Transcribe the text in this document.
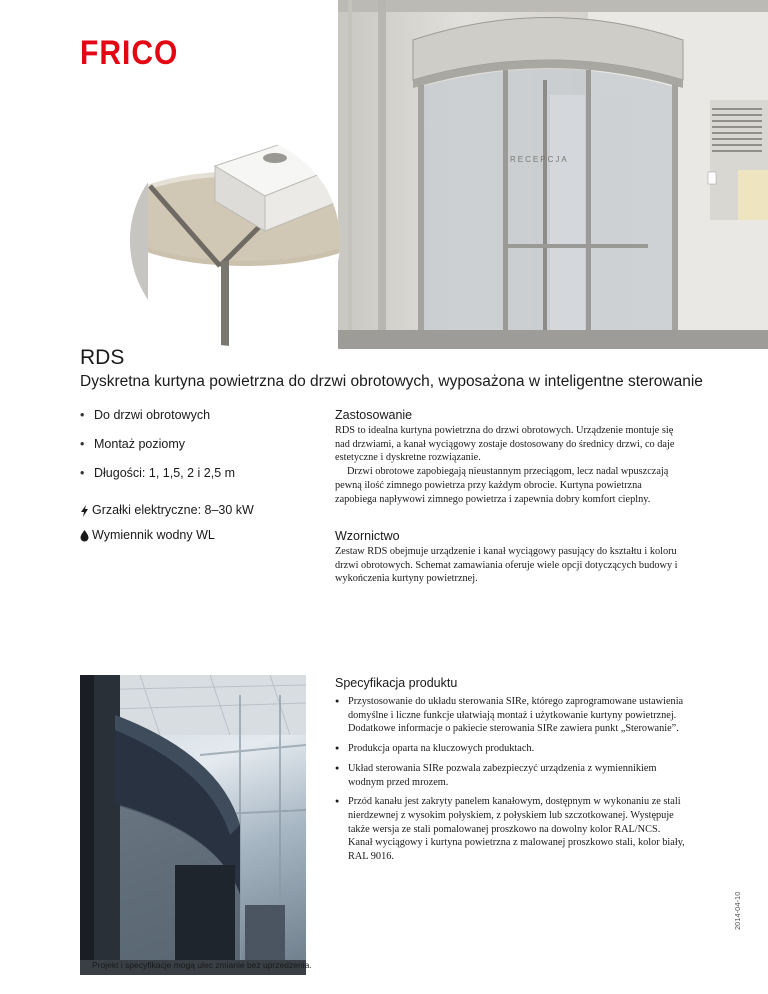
RECEPCJA
FRICO
RDS
Dyskretna kurtyna powietrzna do drzwi obrotowych, wyposażona w inteligentne sterowanie
• Do drzwi obrotowych
• Montaż poziomy
• Długości: 1, 1,5, 2 i 2,5 m
Grzałki elektryczne: 8–30 kW
Wymiennik wodny WL
Zastosowanie

RDS to idealna kurtyna powietrzna do drzwi obrotowych. Urządzenie montuje się nad drzwiami, a kanał wyciągowy zostaje dostosowany do średnicy drzwi, co daje estetyczne i dyskretne rozwiązanie.
Drzwi obrotowe zapobiegają nieustannym przeciągom, lecz nadal wpuszczają pewną ilość zimnego powietrza przy każdym obrocie. Kurtyna powietrzna zapobiega napływowi zimnego powietrza i zapewnia dobry komfort cieplny.

Wzornictwo

Zestaw RDS obejmuje urządzenie i kanał wyciągowy pasujący do kształtu i koloru drzwi obrotowych. Schemat zamawiania oferuje wiele opcji dotyczących budowy i wykończenia kurtyny powietrznej.

Specyfikacja produktu
● Przystosowanie do układu sterowania SIRe, którego zaprogramowane ustawienia domyślne i liczne funkcje ułatwiają montaż i użytkowanie kurtyny powietrznej. Dodatkowe informacje o pakiecie sterowania SIRe zawiera punkt „Sterowanie”.
● Produkcja oparta na kluczowych produktach.
● Układ sterowania SIRe pozwala zabezpieczyć urządzenia z wymiennikiem wodnym przed mrozem.
● Przód kanału jest zakryty panelem kanałowym, dostępnym w wykonaniu ze stali nierdzewnej z wysokim połyskiem, z połyskiem lub szczotkowanej. Występuje także wersja ze stali pomalowanej proszkowo na dowolny kolor RAL/NCS. Kanał wyciągowy i kurtyna powietrzna z malowanej proszkowo stali, kolor biały, RAL 9016.
Projekt i specyfikacje mogą ulec zmianie bez uprzedzenia.
2014-04-10
